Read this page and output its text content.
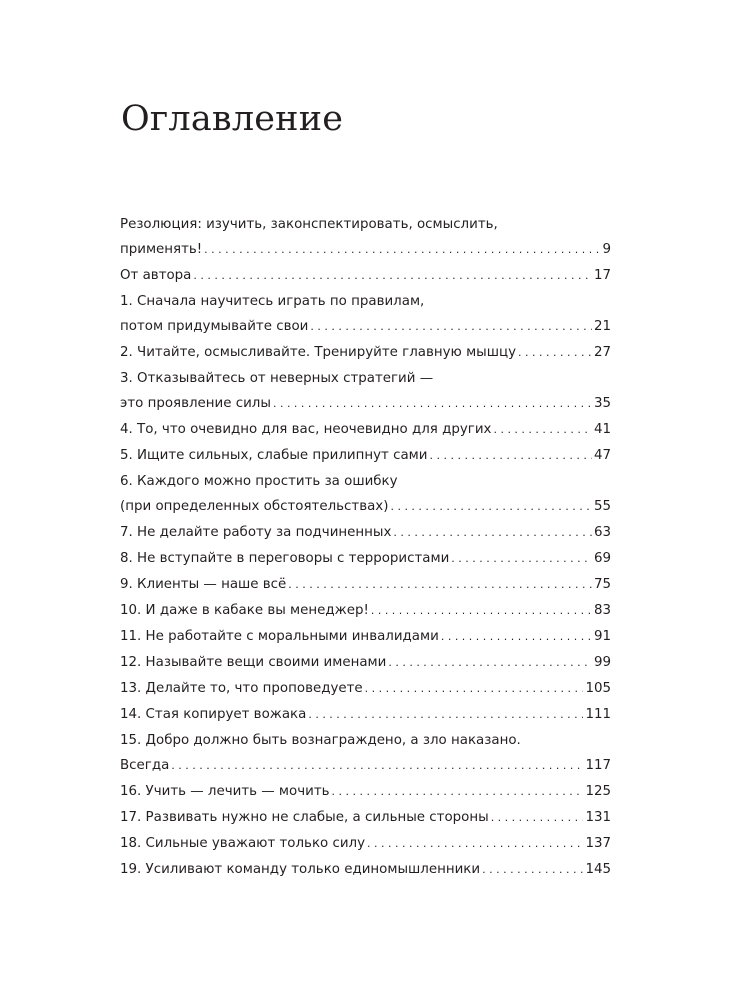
Оглавление
Резолюция: изучить, законспектировать, осмыслить,
применять! . . .	9
От автора . . .	17
1. Сначала научитесь играть по правилам,
потом придумывайте свои . . .	21
2. Читайте, осмысливайте. Тренируйте главную мышцу . . .	27
3. Отказывайтесь от неверных стратегий —
это проявление силы . . .	35
4. То, что очевидно для вас, неочевидно для других . . .	41
5. Ищите сильных, слабые прилипнут сами . . .	47
6. Каждого можно простить за ошибку
(при определенных обстоятельствах) . . .	55
7. Не делайте работу за подчиненных . . .	63
8. Не вступайте в переговоры с террористами . . .	69
9. Клиенты — наше всё . . .	75
10. И даже в кабаке вы менеджер! . . .	83
11. Не работайте с моральными инвалидами . . .	91
12. Называйте вещи своими именами . . .	99
13. Делайте то, что проповедуете . . .	105
14. Стая копирует вожака . . .	111
15. Добро должно быть вознаграждено, а зло наказано.
Всегда . . .	117
16. Учить — лечить — мочить . . .	125
17. Развивать нужно не слабые, а сильные стороны . . .	131
18. Сильные уважают только силу . . .	137
19. Усиливают команду только единомышленники . . .	145
